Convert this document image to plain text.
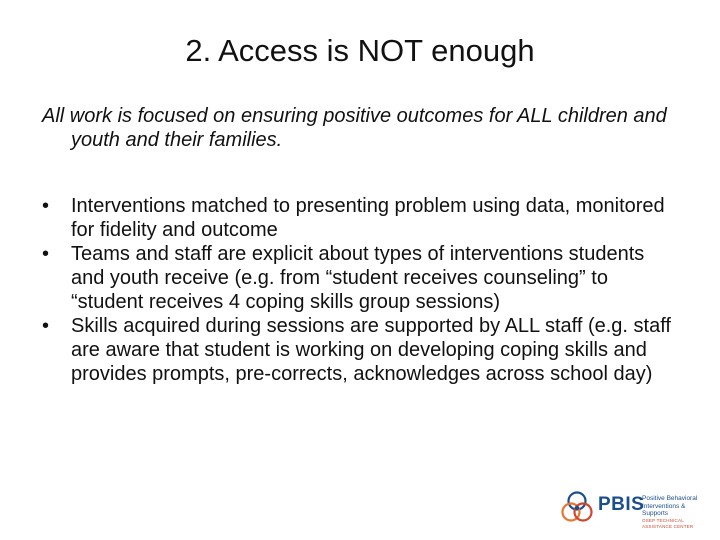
2. Access is NOT enough

All work is focused on ensuring positive outcomes for ALL children and youth and their families.

•	Interventions matched to presenting problem using data, monitored for fidelity and outcome
•	Teams and staff are explicit about types of interventions students and youth receive (e.g. from “student receives counseling” to “student receives 4 coping skills group sessions)
•	Skills acquired during sessions are supported by ALL staff (e.g. staff are aware that student is working on developing coping skills and provides prompts, pre-corrects, acknowledges across school day)
PBIS
Positive Behavioral Interventions & Supports
OSEP TECHNICAL ASSISTANCE CENTER
